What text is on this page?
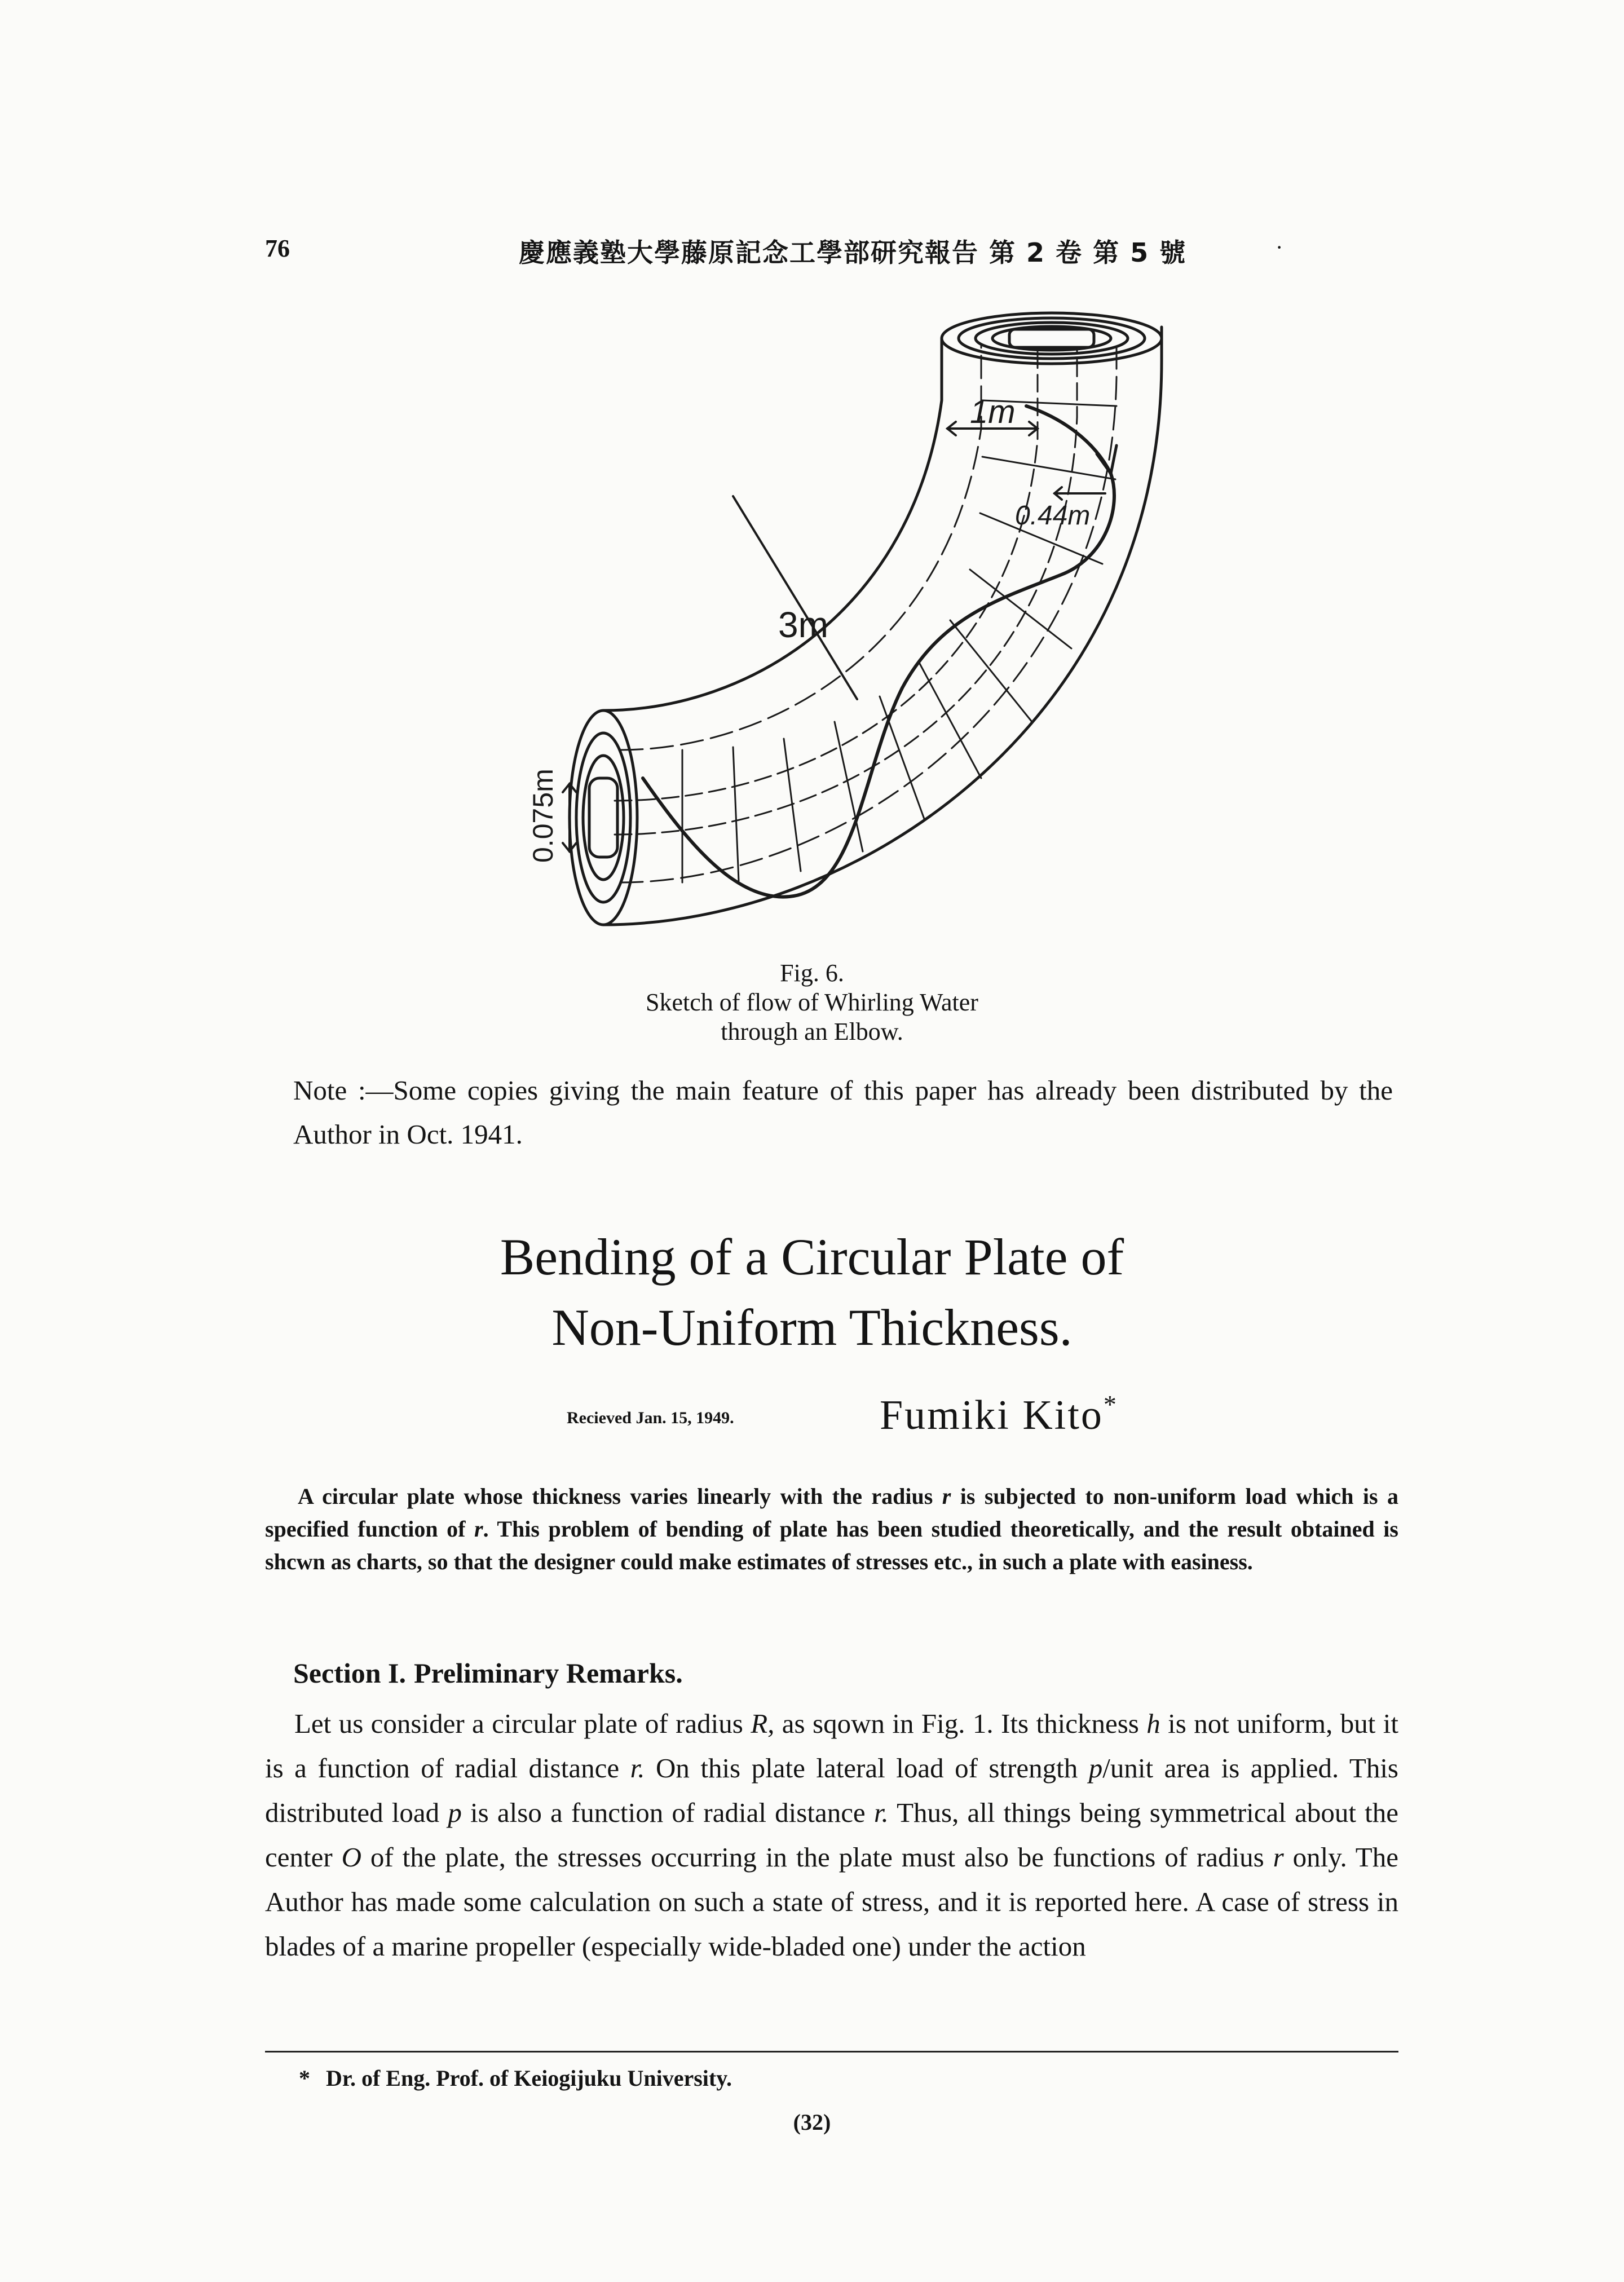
76	慶應義塾大學藤原記念工學部研究報告 第 2 卷 第 5 號	·
3m
1m
0.44m
0.075m
Fig. 6.
Sketch of flow of Whirling Water
through an Elbow.
Note :—Some copies giving the main feature of this paper has already been distributed by the Author in Oct. 1941.
Bending of a Circular Plate of
Non-Uniform Thickness.
Recieved Jan. 15, 1949.	Fumiki Kito*

A circular plate whose thickness varies linearly with the radius r is subjected to non-uniform load which is a specified function of r. This problem of bending of plate has been studied theoretically, and the result obtained is shcwn as charts, so that the designer could make estimates of stresses etc., in such a plate with easiness.

Section I. Preliminary Remarks.

Let us consider a circular plate of radius R, as sqown in Fig. 1. Its thickness h is not uniform, but it is a function of radial distance r. On this plate lateral load of strength p/unit area is applied. This distributed load p is also a function of radial distance r. Thus, all things being symmetrical about the center O of the plate, the stresses occurring in the plate must also be functions of radius r only. The Author has made some calculation on such a state of stress, and it is reported here. A case of stress in blades of a marine propeller (especially wide-bladed one) under the action

* Dr. of Eng. Prof. of Keiogijuku University.
(32)
